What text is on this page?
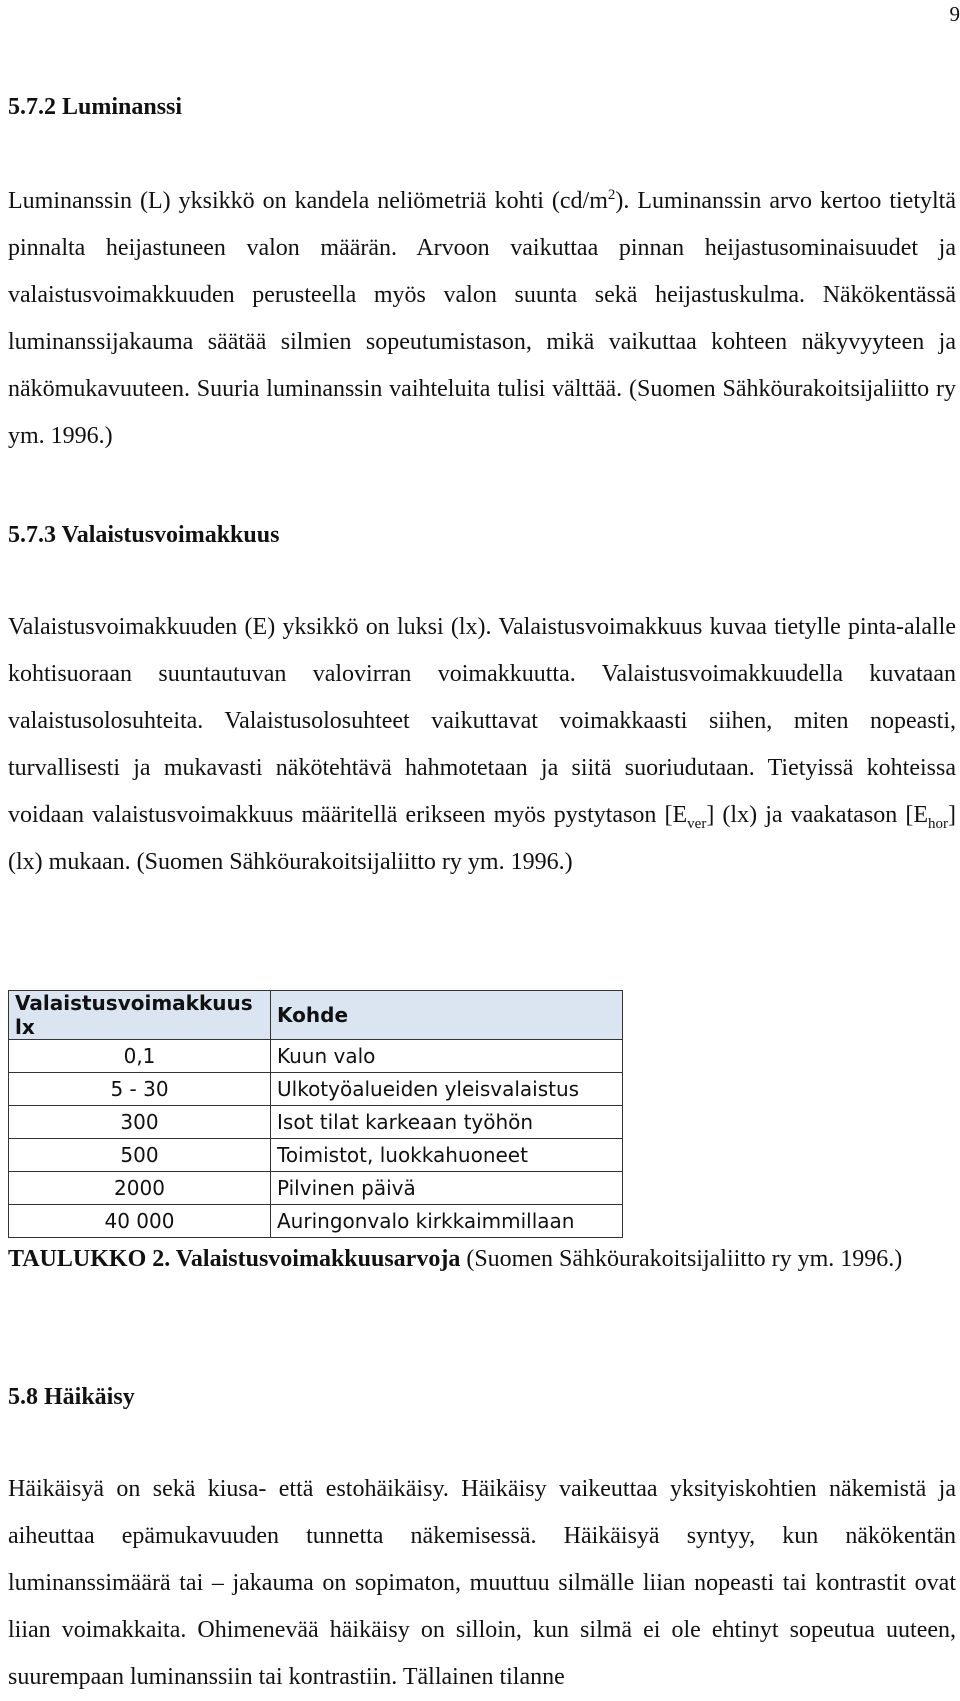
9
5.7.2 Luminanssi

Luminanssin (L) yksikkö on kandela neliömetriä kohti $(cd/m^2)$. Luminanssin arvo kertoo tietyltä pinnalta heijastuneen valon määrän. Arvoon vaikuttaa pinnan heijastusominaisuudet ja valaistusvoimakkuuden perusteella myös valon suunta sekä heijastuskulma. Näkökentässä luminanssijakauma säätää silmien sopeutumistason, mikä vaikuttaa kohteen näkyvyyteen ja näkömukavuuteen. Suuria luminanssin vaihteluita tulisi välttää. (Suomen Sähköurakoitsijaliitto ry ym. 1996.)

5.7.3 Valaistusvoimakkuus

Valaistusvoimakkuuden (E) yksikkö on luksi (lx). Valaistusvoimakkuus kuvaa tietylle pinta-alalle kohtisuoraan suuntautuvan valovirran voimakkuutta. Valaistusvoimakkuudella kuvataan valaistusolosuhteita. Valaistusolosuhteet vaikuttavat voimakkaasti siihen, miten nopeasti, turvallisesti ja mukavasti näkötehtävä hahmotetaan ja siitä suoriudutaan. Tietyissä kohteissa voidaan valaistusvoimakkuus määritellä erikseen myös pystytason $[E_{ver}]$ (lx) ja vaakatason $[E_{hor}]$ (lx) mukaan. (Suomen Sähköurakoitsijaliitto ry ym. 1996.)

Valaistusvoimakkuus lx	Kohde
0,1	Kuun valo
5 - 30	Ulkotyöalueiden yleisvalaistus
300	Isot tilat karkeaan työhön
500	Toimistot, luokkahuoneet
2000	Pilvinen päivä
40 000	Auringonvalo kirkkaimmillaan
TAULUKKO 2. Valaistusvoimakkuusarvoja (Suomen Sähköurakoitsijaliitto ry ym. 1996.)
5.8 Häikäisy

Häikäisyä on sekä kiusa- että estohäikäisy. Häikäisy vaikeuttaa yksityiskohtien näkemistä ja aiheuttaa epämukavuuden tunnetta näkemisessä. Häikäisyä syntyy, kun näkökentän luminanssimäärä tai – jakauma on sopimaton, muuttuu silmälle liian nopeasti tai kontrastit ovat liian voimakkaita. Ohimenevää häikäisy on silloin, kun silmä ei ole ehtinyt sopeutua uuteen, suurempaan luminanssiin tai kontrastiin. Tällainen tilanne
